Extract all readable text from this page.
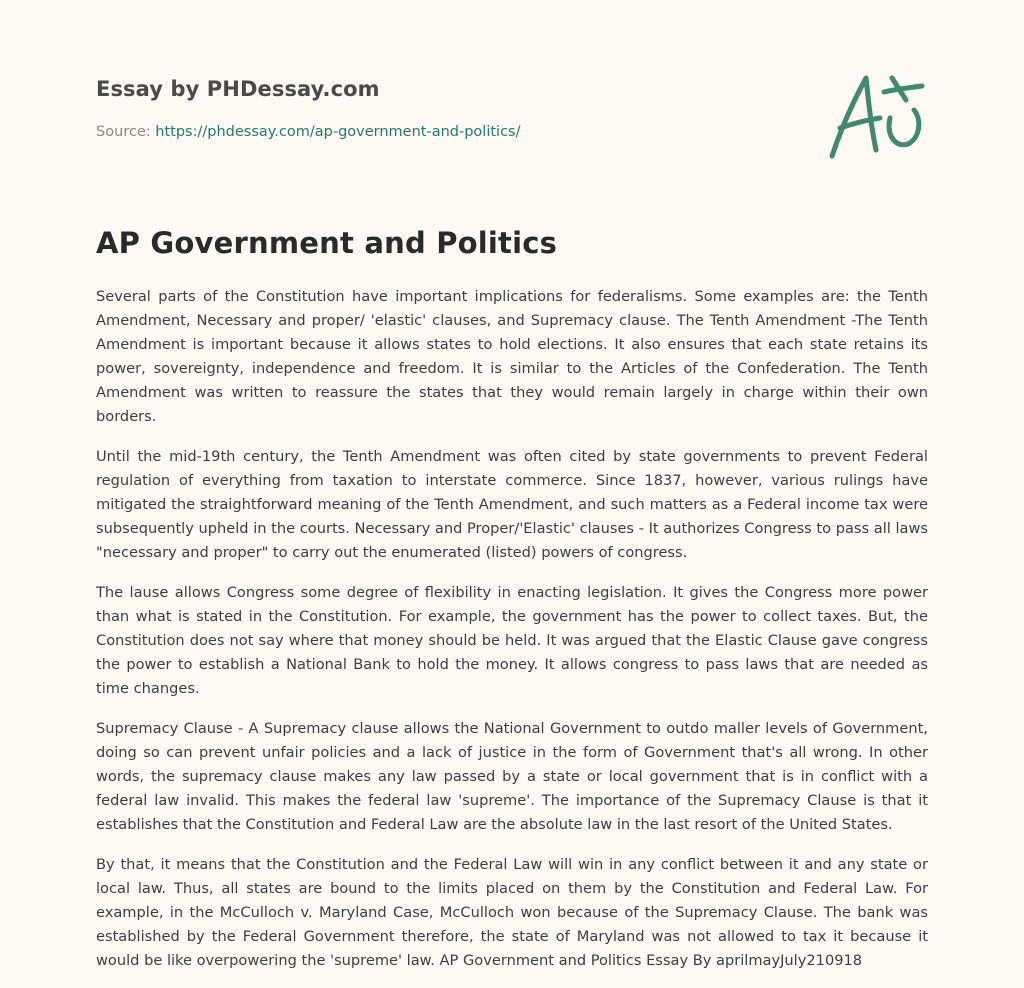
Essay by PHDessay.com
Source: https://phdessay.com/ap-government-and-politics/
AP Government and Politics

Several parts of the Constitution have important implications for federalisms. Some examples are: the Tenth Amendment, Necessary and proper/ 'elastic' clauses, and Supremacy clause. The Tenth Amendment -The Tenth Amendment is important because it allows states to hold elections. It also ensures that each state retains its power, sovereignty, independence and freedom. It is similar to the Articles of the Confederation. The Tenth Amendment was written to reassure the states that they would remain largely in charge within their own borders.

Until the mid-19th century, the Tenth Amendment was often cited by state governments to prevent Federal regulation of everything from taxation to interstate commerce. Since 1837, however, various rulings have mitigated the straightforward meaning of the Tenth Amendment, and such matters as a Federal income tax were subsequently upheld in the courts. Necessary and Proper/'Elastic' clauses - It authorizes Congress to pass all laws "necessary and proper" to carry out the enumerated (listed) powers of congress.

The lause allows Congress some degree of flexibility in enacting legislation. It gives the Congress more power than what is stated in the Constitution. For example, the government has the power to collect taxes. But, the Constitution does not say where that money should be held. It was argued that the Elastic Clause gave congress the power to establish a National Bank to hold the money. It allows congress to pass laws that are needed as time changes.

Supremacy Clause - A Supremacy clause allows the National Government to outdo maller levels of Government, doing so can prevent unfair policies and a lack of justice in the form of Government that's all wrong. In other words, the supremacy clause makes any law passed by a state or local government that is in conflict with a federal law invalid. This makes the federal law 'supreme'. The importance of the Supremacy Clause is that it establishes that the Constitution and Federal Law are the absolute law in the last resort of the United States.

By that, it means that the Constitution and the Federal Law will win in any conflict between it and any state or local law. Thus, all states are bound to the limits placed on them by the Constitution and Federal Law. For example, in the McCulloch v. Maryland Case, McCulloch won because of the Supremacy Clause. The bank was established by the Federal Government therefore, the state of Maryland was not allowed to tax it because it would be like overpowering the 'supreme' law. AP Government and Politics Essay By aprilmayJuly210918
